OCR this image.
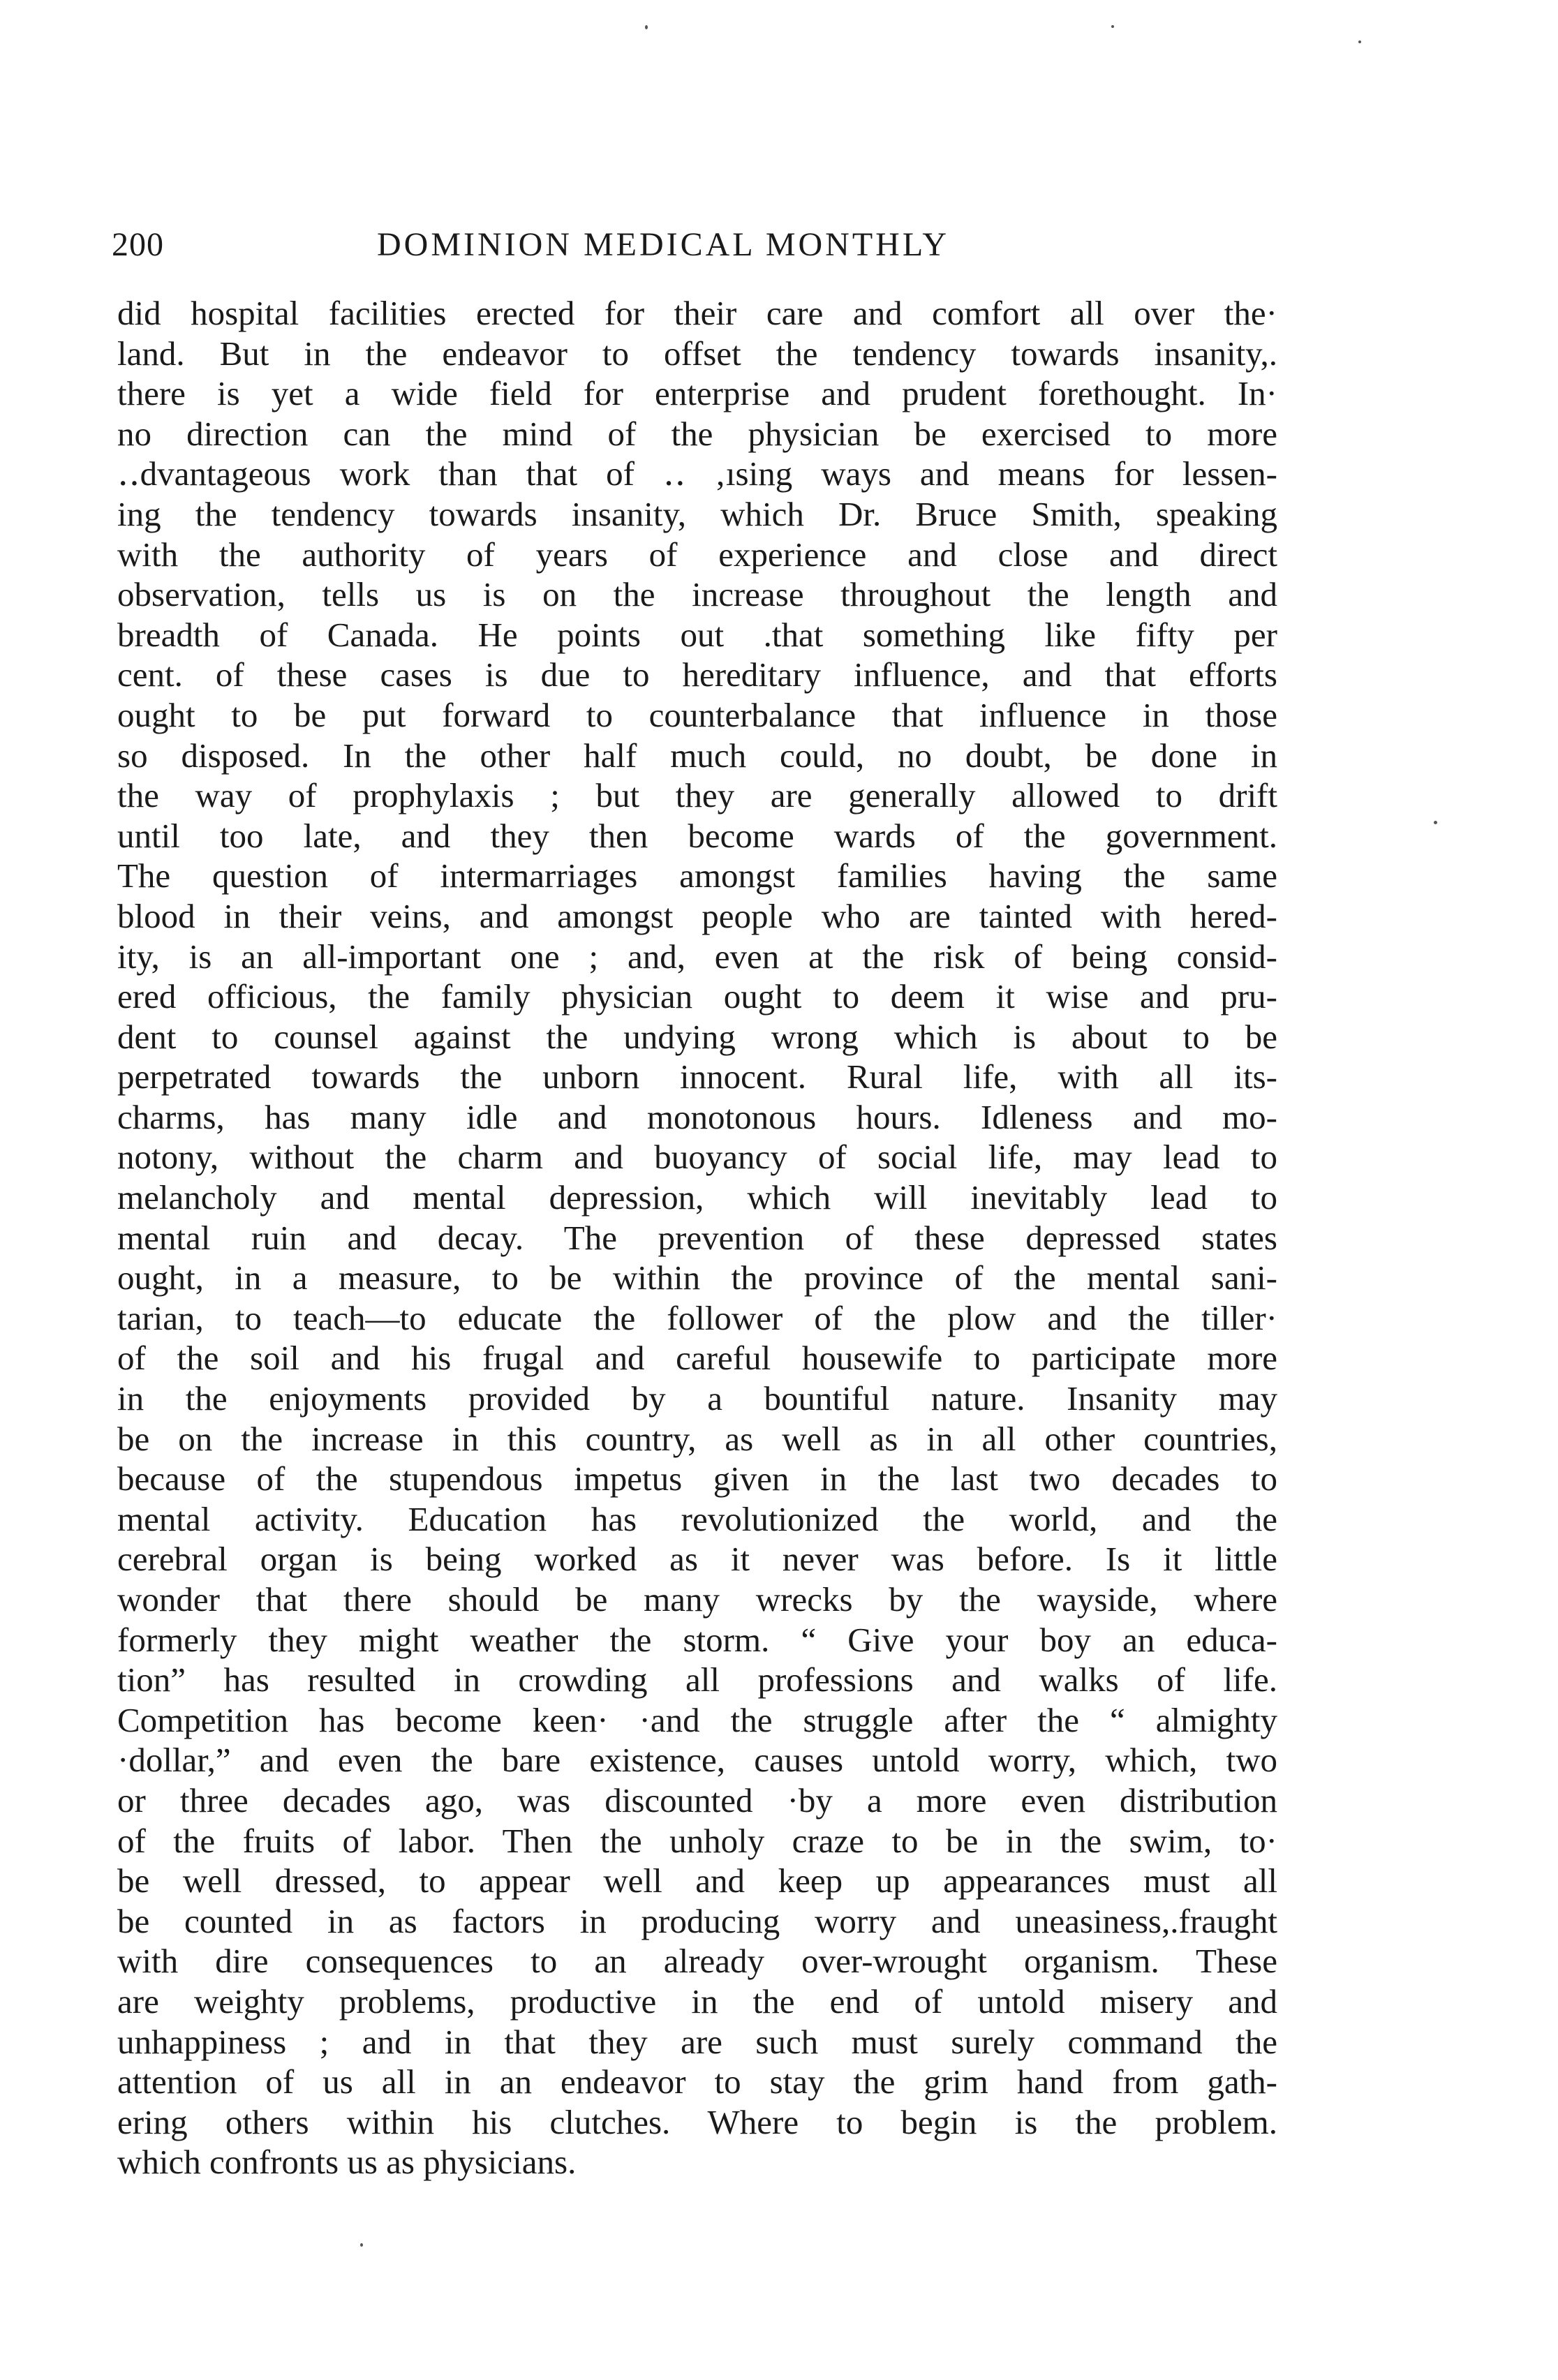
200	DOMINION MEDICAL MONTHLY
did hospital facilities erected for their care and comfort all over the·
land. But in the endeavor to offset the tendency towards insanity,.
there is yet a wide field for enterprise and prudent forethought. In·
no direction can the mind of the physician be exercised to more
‥dvantageous work than that of ‥ ‚ısing ways and means for lessen-
ing the tendency towards insanity, which Dr. Bruce Smith, speaking
with the authority of years of experience and close and direct
observation, tells us is on the increase throughout the length and
breadth of Canada. He points out .that something like fifty per
cent. of these cases is due to hereditary influence, and that efforts
ought to be put forward to counterbalance that influence in those
so disposed. In the other half much could, no doubt, be done in
the way of prophylaxis ; but they are generally allowed to drift
until too late, and they then become wards of the government.
The question of intermarriages amongst families having the same
blood in their veins, and amongst people who are tainted with hered-
ity, is an all-important one ; and, even at the risk of being consid-
ered officious, the family physician ought to deem it wise and pru-
dent to counsel against the undying wrong which is about to be
perpetrated towards the unborn innocent. Rural life, with all its-
charms, has many idle and monotonous hours. Idleness and mo-
notony, without the charm and buoyancy of social life, may lead to
melancholy and mental depression, which will inevitably lead to
mental ruin and decay. The prevention of these depressed states
ought, in a measure, to be within the province of the mental sani-
tarian, to teach—to educate the follower of the plow and the tiller·
of the soil and his frugal and careful housewife to participate more
in the enjoyments provided by a bountiful nature. Insanity may
be on the increase in this country, as well as in all other countries,
because of the stupendous impetus given in the last two decades to
mental activity. Education has revolutionized the world, and the
cerebral organ is being worked as it never was before. Is it little
wonder that there should be many wrecks by the wayside, where
formerly they might weather the storm. “ Give your boy an educa-
tion” has resulted in crowding all professions and walks of life.
Competition has become keen· ·and the struggle after the “ almighty
·dollar,” and even the bare existence, causes untold worry, which, two
or three decades ago, was discounted ·by a more even distribution
of the fruits of labor. Then the unholy craze to be in the swim, to·
be well dressed, to appear well and keep up appearances must all
be counted in as factors in producing worry and uneasiness,.fraught
with dire consequences to an already over-wrought organism. These
are weighty problems, productive in the end of untold misery and
unhappiness ; and in that they are such must surely command the
attention of us all in an endeavor to stay the grim hand from gath-
ering others within his clutches. Where to begin is the problem.
which confronts us as physicians.
